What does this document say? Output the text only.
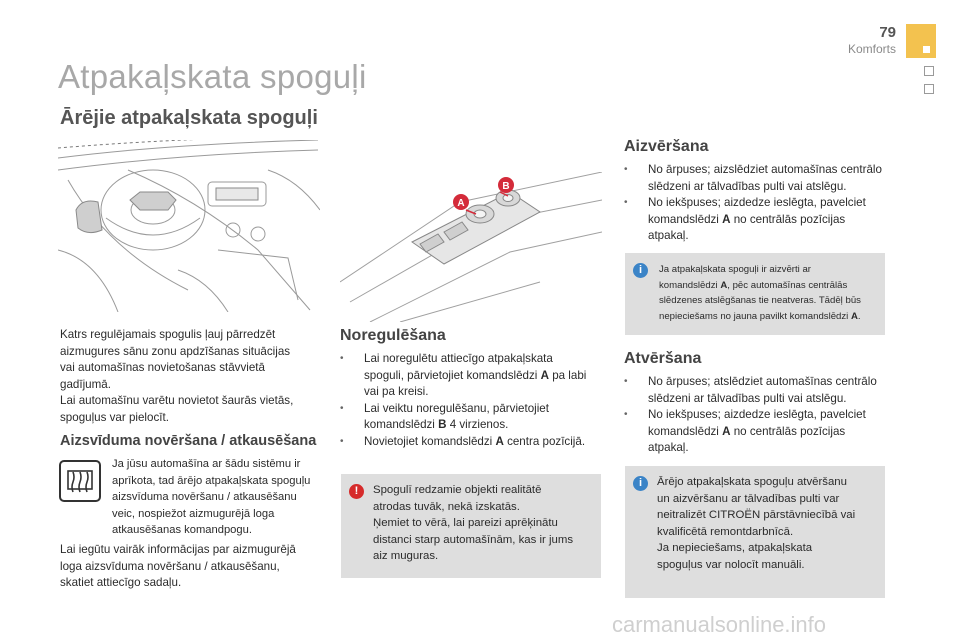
79
Komforts
Atpakaļskata spoguļi
Ārējie atpakaļskata spoguļi
A
B
Katrs regulējamais spogulis ļauj pārredzēt
aizmugures sānu zonu apdzīšanas situācijas
vai automašīnas novietošanas stāvvietā
gadījumā.
Lai automašīnu varētu novietot šaurās vietās,
spoguļus var pielocīt.
Aizsvīduma novēršana / atkausēšana
Ja jūsu automašīna ar šādu sistēmu ir
aprīkota, tad ārējo atpakaļskata spoguļu
aizsvīduma novēršanu / atkausēšanu
veic, nospiežot aizmugurējā loga
atkausēšanas komandpogu.
Lai iegūtu vairāk informācijas par aizmugurējā
loga aizsvīduma novēršanu / atkausēšanu,
skatiet attiecīgo sadaļu.
Noregulēšana
•	Lai noregulētu attiecīgo atpakaļskata
spoguli, pārvietojiet komandslēdzi A pa labi
vai pa kreisi.
•	Lai veiktu noregulēšanu, pārvietojiet
komandslēdzi B 4 virzienos.
•	Novietojiet komandslēdzi A centra pozīcijā.
!	Spogulī redzamie objekti realitātē
atrodas tuvāk, nekā izskatās.
Ņemiet to vērā, lai pareizi aprēķinātu
distanci starp automašīnām, kas ir jums
aiz muguras.
Aizvēršana
•	No ārpuses; aizslēdziet automašīnas centrālo
slēdzeni ar tālvadības pulti vai atslēgu.
•	No iekšpuses; aizdedze ieslēgta, pavelciet
komandslēdzi A no centrālās pozīcijas
atpakaļ.
i	Ja atpakaļskata spoguļi ir aizvērti ar
komandslēdzi A, pēc automašīnas centrālās
slēdzenes atslēgšanas tie neatveras. Tādēļ būs
nepieciešams no jauna pavilkt komandslēdzi A.
Atvēršana
•	No ārpuses; atslēdziet automašīnas centrālo
slēdzeni ar tālvadības pulti vai atslēgu.
•	No iekšpuses; aizdedze ieslēgta, pavelciet
komandslēdzi A no centrālās pozīcijas
atpakaļ.
i	Ārējo atpakaļskata spoguļu atvēršanu
un aizvēršanu ar tālvadības pulti var
neitralizēt CITROËN pārstāvniecībā vai
kvalificētā remontdarbnīcā.
Ja nepieciešams, atpakaļskata
spoguļus var nolocīt manuāli.
carmanualsonline.info
